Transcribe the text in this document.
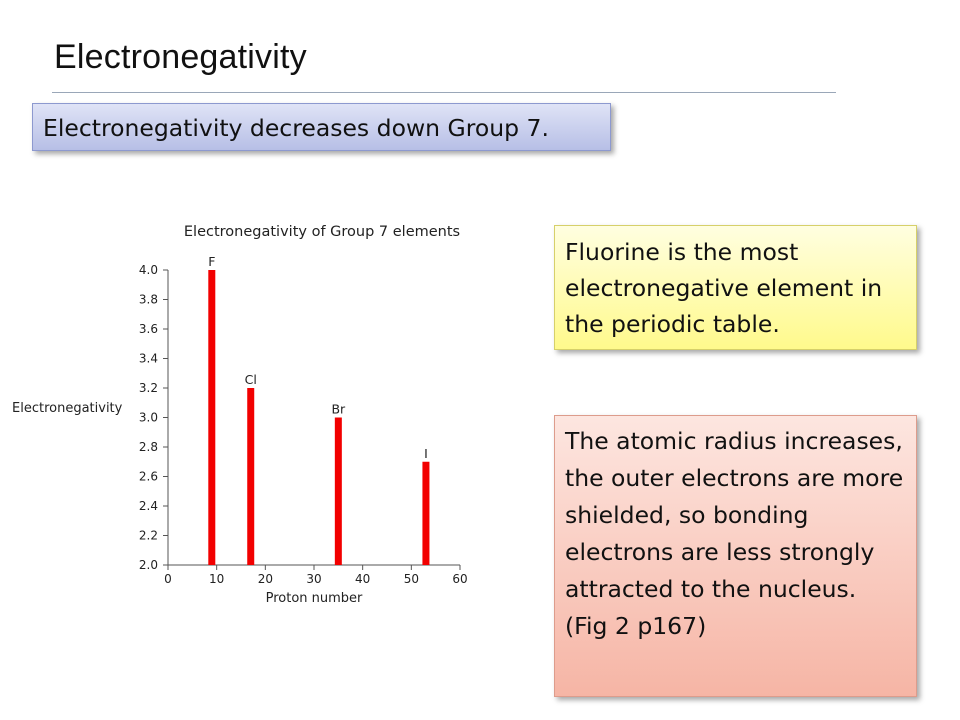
Electronegativity
Electronegativity decreases down Group 7.
Electronegativity of Group 7 elements
Electronegativity
Proton number
2.0
2.2
2.4
2.6
2.8
3.0
3.2
3.4
3.6
3.8
4.0
0	10	20	30	40	50	60
F
Cl
Br
I
Fluorine is the most electronegative element in the periodic table.
The atomic radius increases, the outer electrons are more shielded, so bonding electrons are less strongly attracted to the nucleus. (Fig 2 p167)
